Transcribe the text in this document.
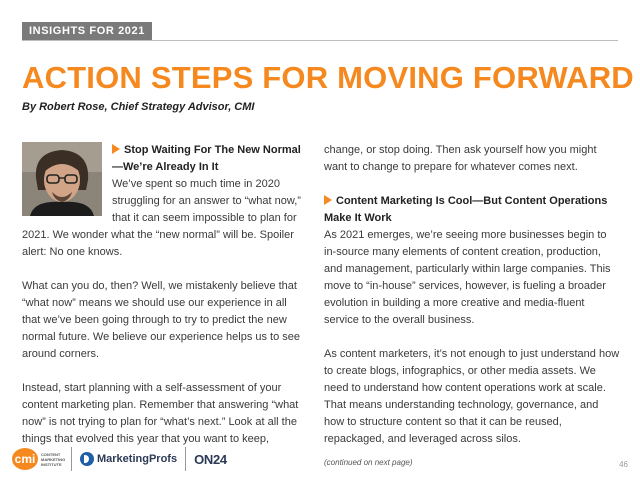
INSIGHTS FOR 2021
ACTION STEPS FOR MOVING FORWARD
By Robert Rose, Chief Strategy Advisor, CMI

Stop Waiting For The New Normal—We’re Already In It

We’ve spent so much time in 2020 struggling for an answer to “what now,” that it can seem impossible to plan for 2021. We wonder what the “new normal” will be. Spoiler alert: No one knows.

What can you do, then? Well, we mistakenly believe that “what now” means we should use our experience in all that we’ve been going through to try to predict the new normal future. We believe our experience helps us to see around corners.

Instead, start planning with a self-assessment of your content marketing plan. Remember that answering “what now” is not trying to plan for “what’s next.” Look at all the things that evolved this year that you want to keep,

change, or stop doing. Then ask yourself how you might want to change to prepare for whatever comes next.

Content Marketing Is Cool—But Content Operations Make It Work

As 2021 emerges, we’re seeing more businesses begin to in-source many elements of content creation, production, and management, particularly within large companies. This move to “in-house” services, however, is fueling a broader evolution in building a more creative and media-fluent service to the overall business.

As content marketers, it’s not enough to just understand how to create blogs, infographics, or other media assets. We need to understand how content operations work at scale. That means understanding technology, governance, and how to structure content so that it can be reused, repackaged, and leveraged across silos.

(continued on next page)
cmi	CONTENT MARKETING INSTITUTE	MarketingProfs ON24	46
